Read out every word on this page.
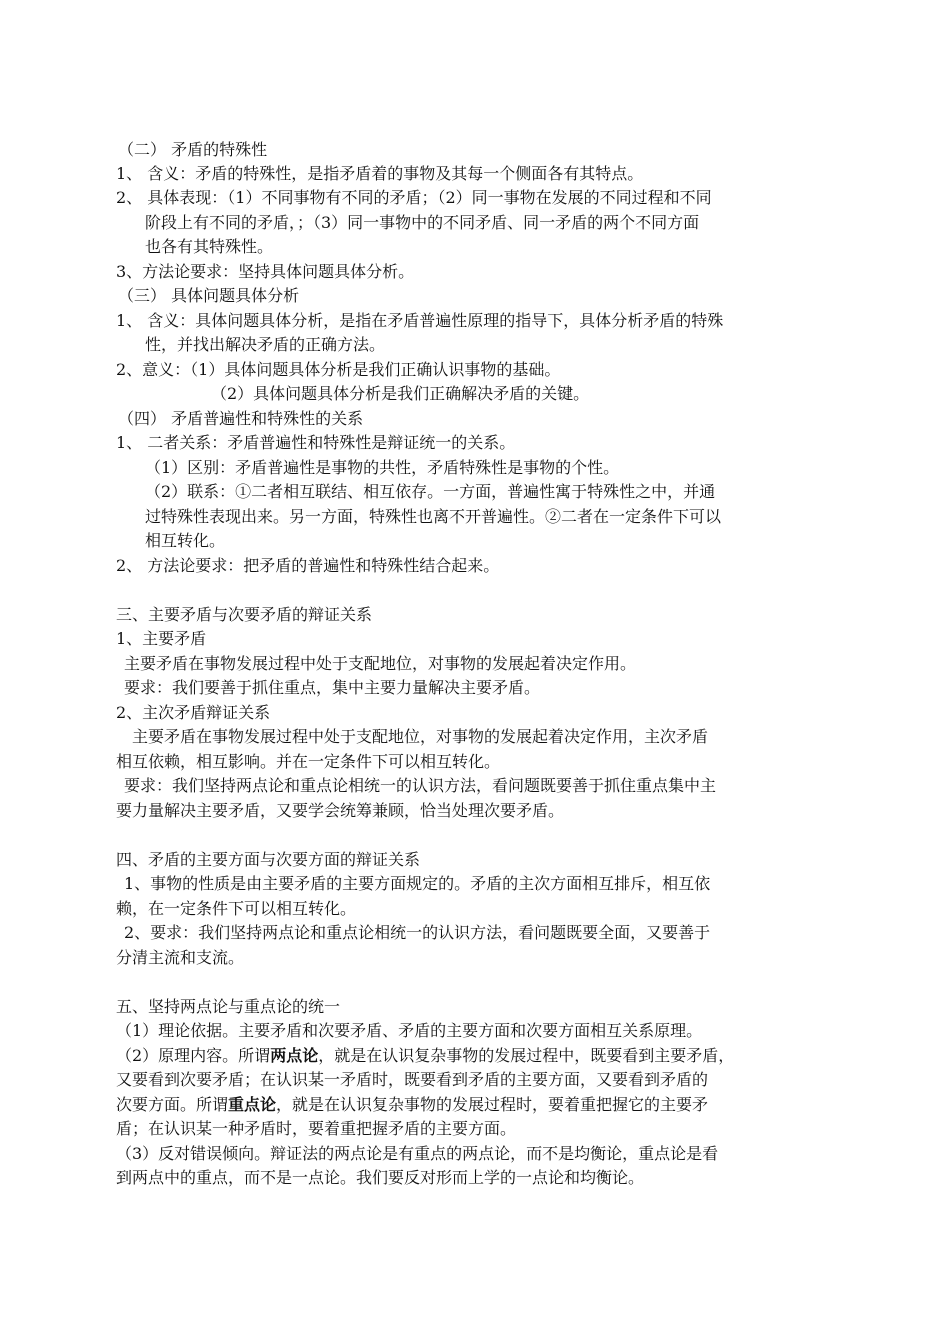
（二） 矛盾的特殊性
1、 含义：矛盾的特殊性，是指矛盾着的事物及其每一个侧面各有其特点。
2、 具体表现：（1）不同事物有不同的矛盾；（2）同一事物在发展的不同过程和不同
阶段上有不同的矛盾，；（3）同一事物中的不同矛盾、同一矛盾的两个不同方面
也各有其特殊性。
3、方法论要求：坚持具体问题具体分析。
（三） 具体问题具体分析
1、 含义：具体问题具体分析，是指在矛盾普遍性原理的指导下，具体分析矛盾的特殊
性，并找出解决矛盾的正确方法。
2、意义：（1）具体问题具体分析是我们正确认识事物的基础。
（2）具体问题具体分析是我们正确解决矛盾的关键。
（四） 矛盾普遍性和特殊性的关系
1、 二者关系：矛盾普遍性和特殊性是辩证统一的关系。
（1）区别：矛盾普遍性是事物的共性，矛盾特殊性是事物的个性。
（2）联系：①二者相互联结、相互依存。一方面，普遍性寓于特殊性之中，并通
过特殊性表现出来。另一方面，特殊性也离不开普遍性。②二者在一定条件下可以
相互转化。
2、 方法论要求：把矛盾的普遍性和特殊性结合起来。
三、主要矛盾与次要矛盾的辩证关系
1、主要矛盾
主要矛盾在事物发展过程中处于支配地位，对事物的发展起着决定作用。
要求：我们要善于抓住重点，集中主要力量解决主要矛盾。
2、主次矛盾辩证关系
主要矛盾在事物发展过程中处于支配地位，对事物的发展起着决定作用，主次矛盾
相互依赖，相互影响。并在一定条件下可以相互转化。
要求：我们坚持两点论和重点论相统一的认识方法，看问题既要善于抓住重点集中主
要力量解决主要矛盾，又要学会统筹兼顾，恰当处理次要矛盾。
四、矛盾的主要方面与次要方面的辩证关系
1、事物的性质是由主要矛盾的主要方面规定的。矛盾的主次方面相互排斥，相互依
赖，在一定条件下可以相互转化。
2、要求：我们坚持两点论和重点论相统一的认识方法，看问题既要全面，又要善于
分清主流和支流。
五、坚持两点论与重点论的统一
（1）理论依据。主要矛盾和次要矛盾、矛盾的主要方面和次要方面相互关系原理。
（2）原理内容。所谓两点论，就是在认识复杂事物的发展过程中，既要看到主要矛盾，
又要看到次要矛盾；在认识某一矛盾时，既要看到矛盾的主要方面，又要看到矛盾的
次要方面。所谓重点论，就是在认识复杂事物的发展过程时，要着重把握它的主要矛
盾；在认识某一种矛盾时，要着重把握矛盾的主要方面。
（3）反对错误倾向。辩证法的两点论是有重点的两点论，而不是均衡论，重点论是看
到两点中的重点，而不是一点论。我们要反对形而上学的一点论和均衡论。
